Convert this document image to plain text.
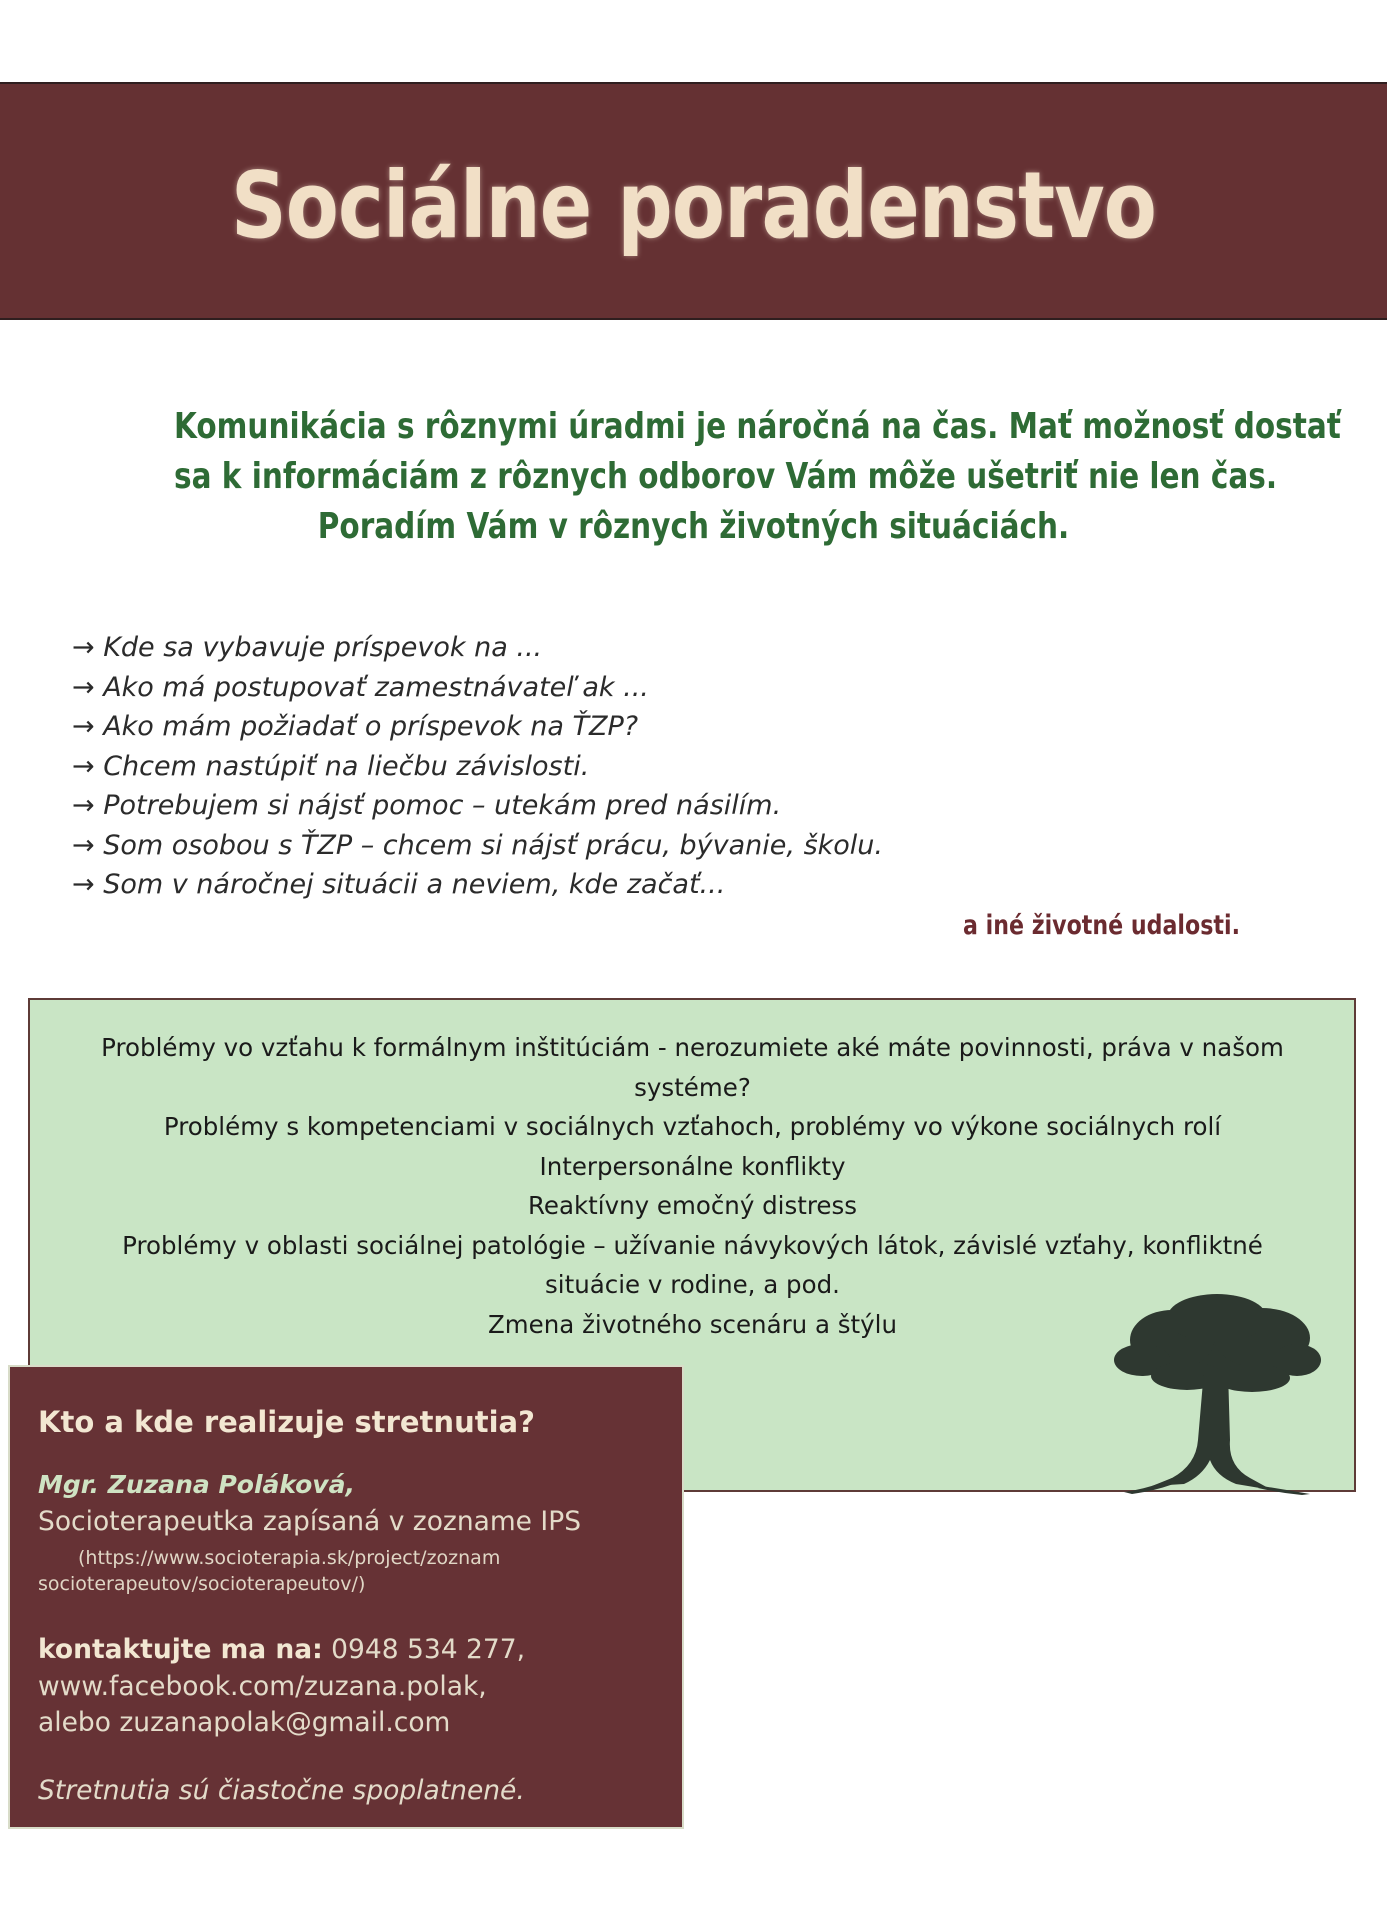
Sociálne poradenstvo
Komunikácia s rôznymi úradmi je náročná na čas. Mať možnosť dostať
sa k informáciám z rôznych odborov Vám môže ušetriť nie len čas.
Poradím Vám v rôznych životných situáciách.
→ Kde sa vybavuje príspevok na ...
→ Ako má postupovať zamestnávateľ ak ...
→ Ako mám požiadať o príspevok na ŤZP?
→ Chcem nastúpiť na liečbu závislosti.
→ Potrebujem si nájsť pomoc – utekám pred násilím.
→ Som osobou s ŤZP – chcem si nájsť prácu, bývanie, školu.
→ Som v náročnej situácii a neviem, kde začať...
a iné životné udalosti.
Problémy vo vzťahu k formálnym inštitúciám - nerozumiete aké máte povinnosti, práva v našom
systéme?
Problémy s kompetenciami v sociálnych vzťahoch, problémy vo výkone sociálnych rolí
Interpersonálne konflikty
Reaktívny emočný distress
Problémy v oblasti sociálnej patológie – užívanie návykových látok, závislé vzťahy, konfliktné
situácie v rodine, a pod.
Zmena životného scenáru a štýlu
Kto a kde realizuje stretnutia?
Mgr. Zuzana Poláková,
Socioterapeutka zapísaná v zozname IPS
(https://www.socioterapia.sk/project/zoznam
socioterapeutov/socioterapeutov/)
kontaktujte ma na: 0948 534 277,
www.facebook.com/zuzana.polak,
alebo zuzanapolak@gmail.com
Stretnutia sú čiastočne spoplatnené.
